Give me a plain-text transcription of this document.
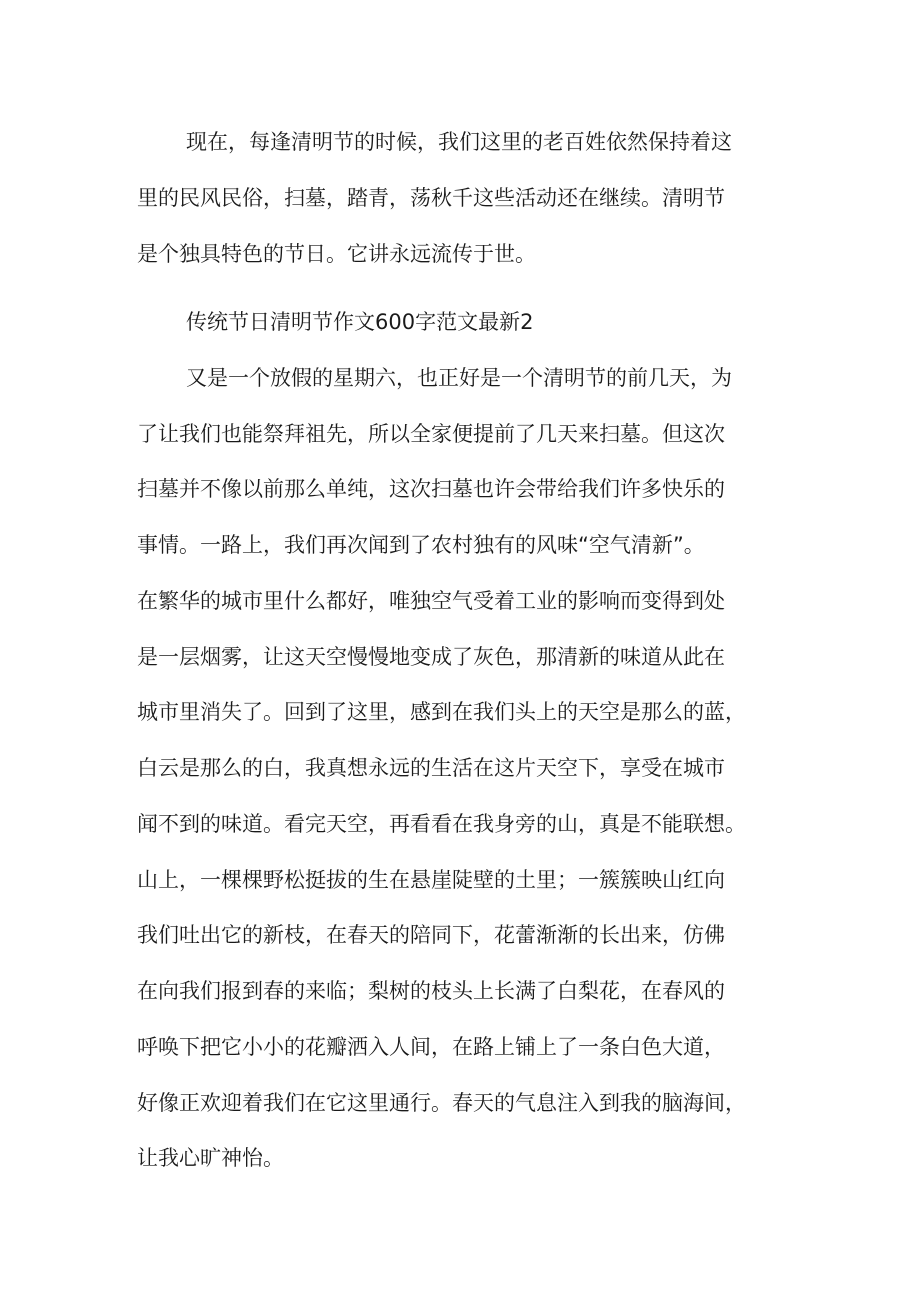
现在，每逢清明节的时候，我们这里的老百姓依然保持着这
里的民风民俗，扫墓，踏青，荡秋千这些活动还在继续。清明节
是个独具特色的节日。它讲永远流传于世。
传统节日清明节作文600字范文最新2
又是一个放假的星期六，也正好是一个清明节的前几天，为
了让我们也能祭拜祖先，所以全家便提前了几天来扫墓。但这次
扫墓并不像以前那么单纯，这次扫墓也许会带给我们许多快乐的
事情。一路上，我们再次闻到了农村独有的风味“空气清新”。
在繁华的城市里什么都好，唯独空气受着工业的影响而变得到处
是一层烟雾，让这天空慢慢地变成了灰色，那清新的味道从此在
城市里消失了。回到了这里，感到在我们头上的天空是那么的蓝，
白云是那么的白，我真想永远的生活在这片天空下，享受在城市
闻不到的味道。看完天空，再看看在我身旁的山，真是不能联想。
山上，一棵棵野松挺拔的生在悬崖陡壁的土里；一簇簇映山红向
我们吐出它的新枝，在春天的陪同下，花蕾渐渐的长出来，仿佛
在向我们报到春的来临；梨树的枝头上长满了白梨花，在春风的
呼唤下把它小小的花瓣洒入人间，在路上铺上了一条白色大道，
好像正欢迎着我们在它这里通行。春天的气息注入到我的脑海间，
让我心旷神怡。
